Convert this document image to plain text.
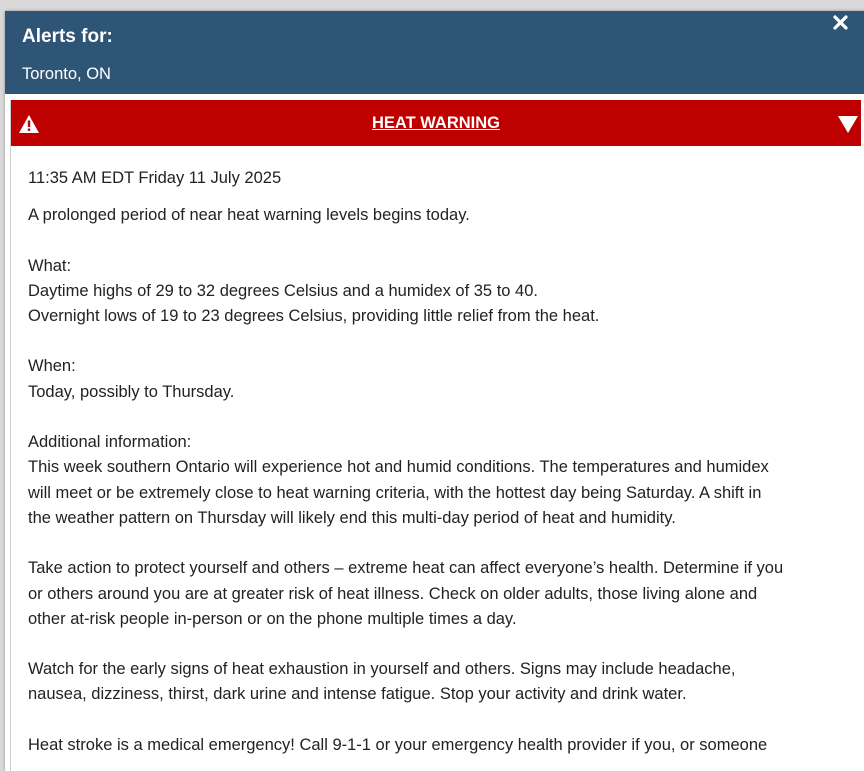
Alerts for:
Toronto, ON
HEAT WARNING
11:35 AM EDT Friday 11 July 2025
A prolonged period of near heat warning levels begins today.
What:
Daytime highs of 29 to 32 degrees Celsius and a humidex of 35 to 40.
Overnight lows of 19 to 23 degrees Celsius, providing little relief from the heat.
When:
Today, possibly to Thursday.
Additional information:
This week southern Ontario will experience hot and humid conditions. The temperatures and humidex
will meet or be extremely close to heat warning criteria, with the hottest day being Saturday. A shift in
the weather pattern on Thursday will likely end this multi-day period of heat and humidity.
Take action to protect yourself and others – extreme heat can affect everyone’s health. Determine if you
or others around you are at greater risk of heat illness. Check on older adults, those living alone and
other at-risk people in-person or on the phone multiple times a day.
Watch for the early signs of heat exhaustion in yourself and others. Signs may include headache,
nausea, dizziness, thirst, dark urine and intense fatigue. Stop your activity and drink water.
Heat stroke is a medical emergency! Call 9-1-1 or your emergency health provider if you, or someone
